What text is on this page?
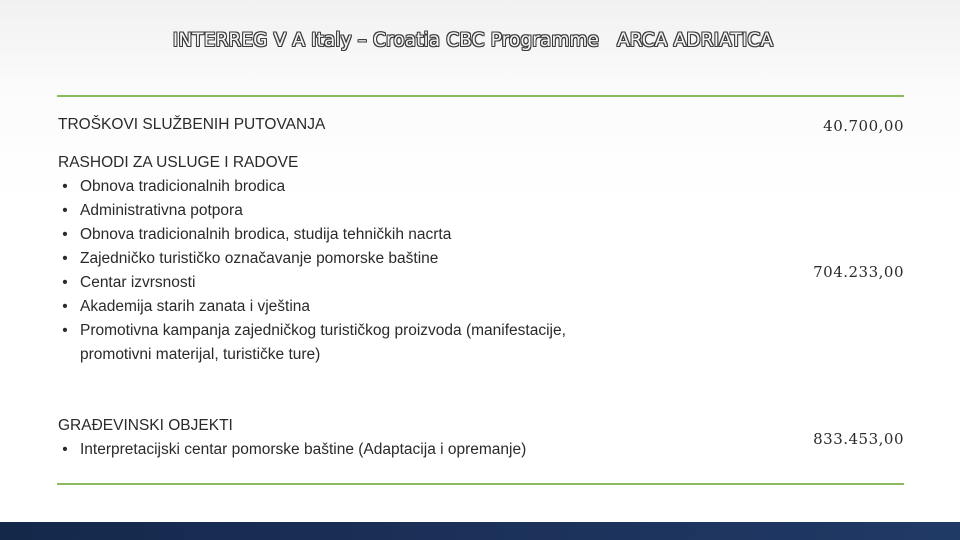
INTERREG V A Italy – Croatia CBC Programme   ARCA ADRIATICA
TROŠKOVI SLUŽBENIH PUTOVANJA	40.700,00
RASHODI ZA USLUGE I RADOVE
• Obnova tradicionalnih brodica
• Administrativna potpora
• Obnova tradicionalnih brodica, studija tehničkih nacrta
• Zajedničko turističko označavanje pomorske baštine
• Centar izvrsnosti
• Akademija starih zanata i vještina
• Promotivna kampanja zajedničkog turističkog proizvoda (manifestacije, promotivni materijal, turističke ture)
704.233,00
GRAĐEVINSKI OBJEKTI
• Interpretacijski centar pomorske baštine (Adaptacija i opremanje)
833.453,00
